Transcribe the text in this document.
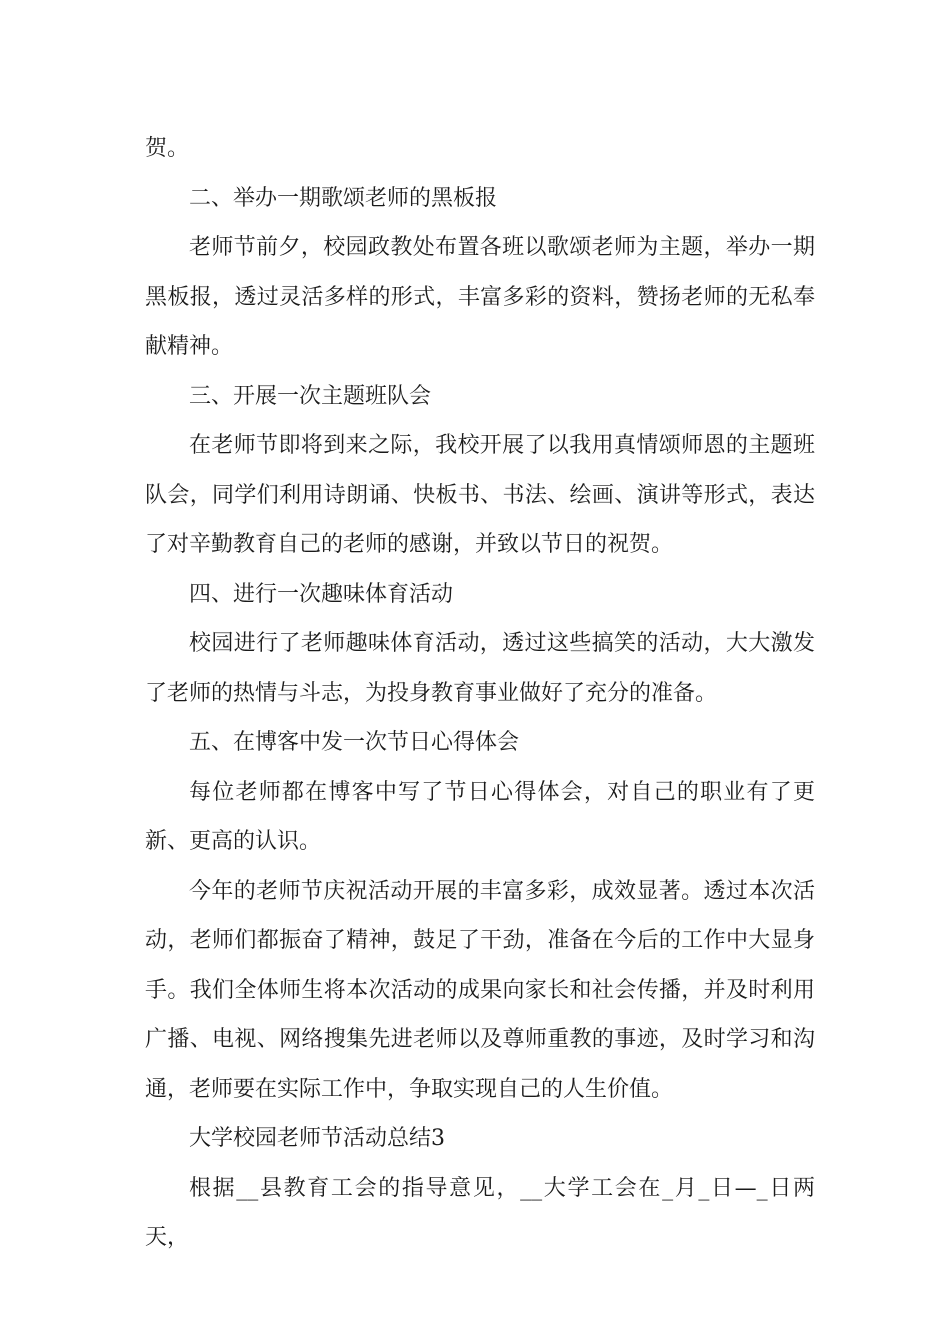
贺。

二、举办一期歌颂老师的黑板报

老师节前夕，校园政教处布置各班以歌颂老师为主题，举办一期黑板报，透过灵活多样的形式，丰富多彩的资料，赞扬老师的无私奉献精神。

三、开展一次主题班队会

在老师节即将到来之际，我校开展了以我用真情颂师恩的主题班队会，同学们利用诗朗诵、快板书、书法、绘画、演讲等形式，表达了对辛勤教育自己的老师的感谢，并致以节日的祝贺。

四、进行一次趣味体育活动

校园进行了老师趣味体育活动，透过这些搞笑的活动，大大激发了老师的热情与斗志，为投身教育事业做好了充分的准备。

五、在博客中发一次节日心得体会

每位老师都在博客中写了节日心得体会，对自己的职业有了更新、更高的认识。

今年的老师节庆祝活动开展的丰富多彩，成效显著。透过本次活动，老师们都振奋了精神，鼓足了干劲，准备在今后的工作中大显身手。我们全体师生将本次活动的成果向家长和社会传播，并及时利用广播、电视、网络搜集先进老师以及尊师重教的事迹，及时学习和沟通，老师要在实际工作中，争取实现自己的人生价值。

大学校园老师节活动总结3

根据__县教育工会的指导意见，__大学工会在_月_日—_日两天，
